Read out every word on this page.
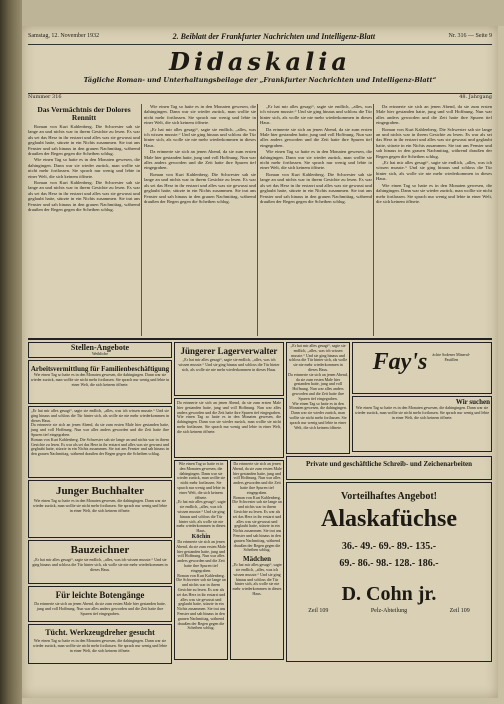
Samstag, 12. November 1932	2. Beiblatt der Frankfurter Nachrichten und Intelligenz-Blatt	Nr. 316 — Seite 9
Didaskalia
Tägliche Roman- und Unterhaltungsbeilage der „Frankfurter Nachrichten und Intelligenz-Blatt“
Nummer 316	48. Jahrgang
Das Vermächtnis der Dolores Rennitt

Roman von Kurt Kahlenberg. Die Schwester sah sie lange an und nichts war in ihrem Gesichte zu lesen. Es war als sei das Herz in ihr erstarrt und alles was sie gewusst und geglaubt hatte, stürzte in ein Nichts zusammen. Sie trat ans Fenster und sah hinaus in den grauen Nachmittag, während draußen der Regen gegen die Scheiben schlug.

Wie einen Tag so hatte es in den Monaten gewesen, die dahingingen. Dann war sie wieder zurück, man wollte sie nicht mehr fortlassen. Sie sprach nur wenig und lebte in einer Welt, die sich keinem öffnete.

Roman von Kurt Kahlenberg. Die Schwester sah sie lange an und nichts war in ihrem Gesichte zu lesen. Es war als sei das Herz in ihr erstarrt und alles was sie gewusst und geglaubt hatte, stürzte in ein Nichts zusammen. Sie trat ans Fenster und sah hinaus in den grauen Nachmittag, während draußen der Regen gegen die Scheiben schlug.

Wie einen Tag so hatte es in den Monaten gewesen, die dahingingen. Dann war sie wieder zurück, man wollte sie nicht mehr fortlassen. Sie sprach nur wenig und lebte in einer Welt, die sich keinem öffnete.

„Er hat mir alles gesagt“, sagte sie endlich, „alles, was ich wissen musste.“ Und sie ging hinaus und schloss die Tür hinter sich, als wolle sie nie mehr wiederkommen in dieses Haus.

Da erinnerte sie sich an jenen Abend, da sie zum ersten Male hier gestanden hatte, jung und voll Hoffnung. Nun war alles anders geworden und die Zeit hatte ihre Spuren tief eingegraben.

Roman von Kurt Kahlenberg. Die Schwester sah sie lange an und nichts war in ihrem Gesichte zu lesen. Es war als sei das Herz in ihr erstarrt und alles was sie gewusst und geglaubt hatte, stürzte in ein Nichts zusammen. Sie trat ans Fenster und sah hinaus in den grauen Nachmittag, während draußen der Regen gegen die Scheiben schlug.

„Er hat mir alles gesagt“, sagte sie endlich, „alles, was ich wissen musste.“ Und sie ging hinaus und schloss die Tür hinter sich, als wolle sie nie mehr wiederkommen in dieses Haus.

Da erinnerte sie sich an jenen Abend, da sie zum ersten Male hier gestanden hatte, jung und voll Hoffnung. Nun war alles anders geworden und die Zeit hatte ihre Spuren tief eingegraben.

Wie einen Tag so hatte es in den Monaten gewesen, die dahingingen. Dann war sie wieder zurück, man wollte sie nicht mehr fortlassen. Sie sprach nur wenig und lebte in einer Welt, die sich keinem öffnete.

Roman von Kurt Kahlenberg. Die Schwester sah sie lange an und nichts war in ihrem Gesichte zu lesen. Es war als sei das Herz in ihr erstarrt und alles was sie gewusst und geglaubt hatte, stürzte in ein Nichts zusammen. Sie trat ans Fenster und sah hinaus in den grauen Nachmittag, während draußen der Regen gegen die Scheiben schlug.

Da erinnerte sie sich an jenen Abend, da sie zum ersten Male hier gestanden hatte, jung und voll Hoffnung. Nun war alles anders geworden und die Zeit hatte ihre Spuren tief eingegraben.

Roman von Kurt Kahlenberg. Die Schwester sah sie lange an und nichts war in ihrem Gesichte zu lesen. Es war als sei das Herz in ihr erstarrt und alles was sie gewusst und geglaubt hatte, stürzte in ein Nichts zusammen. Sie trat ans Fenster und sah hinaus in den grauen Nachmittag, während draußen der Regen gegen die Scheiben schlug.

„Er hat mir alles gesagt“, sagte sie endlich, „alles, was ich wissen musste.“ Und sie ging hinaus und schloss die Tür hinter sich, als wolle sie nie mehr wiederkommen in dieses Haus.

Wie einen Tag so hatte es in den Monaten gewesen, die dahingingen. Dann war sie wieder zurück, man wollte sie nicht mehr fortlassen. Sie sprach nur wenig und lebte in einer Welt, die sich keinem öffnete.

Stellen-Angebote
Weibliche
Arbeitsvermittlung für Familienbeschäftigung
Wie einen Tag so hatte es in den Monaten gewesen, die dahingingen. Dann war sie wieder zurück, man wollte sie nicht mehr fortlassen. Sie sprach nur wenig und lebte in einer Welt, die sich keinem öffnete.
„Er hat mir alles gesagt“, sagte sie endlich, „alles, was ich wissen musste.“ Und sie ging hinaus und schloss die Tür hinter sich, als wolle sie nie mehr wiederkommen in dieses Haus.
Da erinnerte sie sich an jenen Abend, da sie zum ersten Male hier gestanden hatte, jung und voll Hoffnung. Nun war alles anders geworden und die Zeit hatte ihre Spuren tief eingegraben.
Roman von Kurt Kahlenberg. Die Schwester sah sie lange an und nichts war in ihrem Gesichte zu lesen. Es war als sei das Herz in ihr erstarrt und alles was sie gewusst und geglaubt hatte, stürzte in ein Nichts zusammen. Sie trat ans Fenster und sah hinaus in den grauen Nachmittag, während draußen der Regen gegen die Scheiben schlug.
Junger Buchhalter
Wie einen Tag so hatte es in den Monaten gewesen, die dahingingen. Dann war sie wieder zurück, man wollte sie nicht mehr fortlassen. Sie sprach nur wenig und lebte in einer Welt, die sich keinem öffnete.
Bauzeichner
„Er hat mir alles gesagt“, sagte sie endlich, „alles, was ich wissen musste.“ Und sie ging hinaus und schloss die Tür hinter sich, als wolle sie nie mehr wiederkommen in dieses Haus.
Für leichte Botengänge
Da erinnerte sie sich an jenen Abend, da sie zum ersten Male hier gestanden hatte, jung und voll Hoffnung. Nun war alles anders geworden und die Zeit hatte ihre Spuren tief eingegraben.
Tücht. Werkzeugdreher gesucht
Wie einen Tag so hatte es in den Monaten gewesen, die dahingingen. Dann war sie wieder zurück, man wollte sie nicht mehr fortlassen. Sie sprach nur wenig und lebte in einer Welt, die sich keinem öffnete.
Jüngerer Lagerverwalter
„Er hat mir alles gesagt“, sagte sie endlich, „alles, was ich wissen musste.“ Und sie ging hinaus und schloss die Tür hinter sich, als wolle sie nie mehr wiederkommen in dieses Haus.
Da erinnerte sie sich an jenen Abend, da sie zum ersten Male hier gestanden hatte, jung und voll Hoffnung. Nun war alles anders geworden und die Zeit hatte ihre Spuren tief eingegraben.
Wie einen Tag so hatte es in den Monaten gewesen, die dahingingen. Dann war sie wieder zurück, man wollte sie nicht mehr fortlassen. Sie sprach nur wenig und lebte in einer Welt, die sich keinem öffnete.
Wie einen Tag so hatte es in den Monaten gewesen, die dahingingen. Dann war sie wieder zurück, man wollte sie nicht mehr fortlassen. Sie sprach nur wenig und lebte in einer Welt, die sich keinem öffnete.
„Er hat mir alles gesagt“, sagte sie endlich, „alles, was ich wissen musste.“ Und sie ging hinaus und schloss die Tür hinter sich, als wolle sie nie mehr wiederkommen in dieses Haus.
Köchin
Da erinnerte sie sich an jenen Abend, da sie zum ersten Male hier gestanden hatte, jung und voll Hoffnung. Nun war alles anders geworden und die Zeit hatte ihre Spuren tief eingegraben.
Roman von Kurt Kahlenberg. Die Schwester sah sie lange an und nichts war in ihrem Gesichte zu lesen. Es war als sei das Herz in ihr erstarrt und alles was sie gewusst und geglaubt hatte, stürzte in ein Nichts zusammen. Sie trat ans Fenster und sah hinaus in den grauen Nachmittag, während draußen der Regen gegen die Scheiben schlug.
Da erinnerte sie sich an jenen Abend, da sie zum ersten Male hier gestanden hatte, jung und voll Hoffnung. Nun war alles anders geworden und die Zeit hatte ihre Spuren tief eingegraben.
Roman von Kurt Kahlenberg. Die Schwester sah sie lange an und nichts war in ihrem Gesichte zu lesen. Es war als sei das Herz in ihr erstarrt und alles was sie gewusst und geglaubt hatte, stürzte in ein Nichts zusammen. Sie trat ans Fenster und sah hinaus in den grauen Nachmittag, während draußen der Regen gegen die Scheiben schlug.
Mädchen
„Er hat mir alles gesagt“, sagte sie endlich, „alles, was ich wissen musste.“ Und sie ging hinaus und schloss die Tür hinter sich, als wolle sie nie mehr wiederkommen in dieses Haus.
„Er hat mir alles gesagt“, sagte sie endlich, „alles, was ich wissen musste.“ Und sie ging hinaus und schloss die Tür hinter sich, als wolle sie nie mehr wiederkommen in dieses Haus.
Da erinnerte sie sich an jenen Abend, da sie zum ersten Male hier gestanden hatte, jung und voll Hoffnung. Nun war alles anders geworden und die Zeit hatte ihre Spuren tief eingegraben.
Wie einen Tag so hatte es in den Monaten gewesen, die dahingingen. Dann war sie wieder zurück, man wollte sie nicht mehr fortlassen. Sie sprach nur wenig und lebte in einer Welt, die sich keinem öffnete.
Fay's ächte Sodener Mineral-Pastillen
Wir suchen
Wie einen Tag so hatte es in den Monaten gewesen, die dahingingen. Dann war sie wieder zurück, man wollte sie nicht mehr fortlassen. Sie sprach nur wenig und lebte in einer Welt, die sich keinem öffnete.
Private und geschäftliche Schreib- und Zeichenarbeiten
Vorteilhaftes Angebot!
Alaskafüchse
36.- 49.- 69.- 89.- 135.-
69.- 86.- 98.- 128.- 186.-
D. Cohn jr.
Zeil 109	Pelz-Abteilung	Zeil 109
